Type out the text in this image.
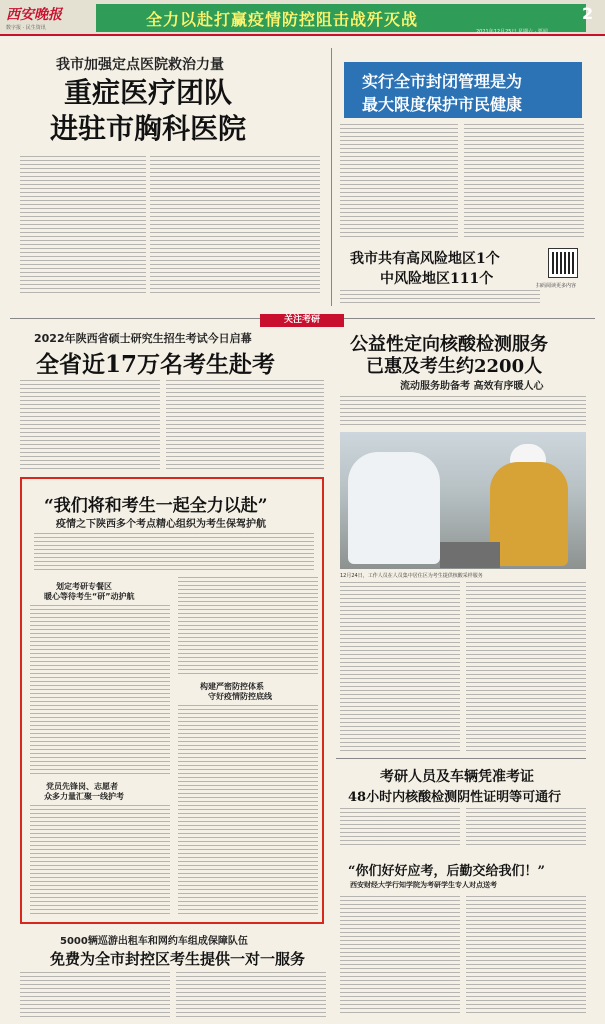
西安晚报
数字报 · 民生资讯	全力以赴打赢疫情防控阻击战歼灭战
2021年12月25日 星期六 · 要闻
2
我市加强定点医院救治力量
重症医疗团队
进驻市胸科医院
实行全市封闭管理是为
最大限度保护市民健康
我市共有高风险地区1个
中风险地区111个	扫码阅读更多内容
关注考研
2022年陕西省硕士研究生招生考试今日启幕
全省近17万名考生赴考
公益性定向核酸检测服务
已惠及考生约2200人
流动服务助备考 高效有序暖人心
12月24日，工作人员在人员集中居住区为考生提供核酸采样服务
“我们将和考生一起全力以赴”
疫情之下陕西多个考点精心组织为考生保驾护航
划定考研专餐区
暖心等待考生“研”动护航
构建严密防控体系
守好疫情防控底线
党员先锋岗、志愿者
众多力量汇聚一线护考
考研人员及车辆凭准考证
48小时内核酸检测阴性证明等可通行
“你们好好应考，后勤交给我们！”
西安财经大学行知学院为考研学生专人对点送考
5000辆巡游出租车和网约车组成保障队伍
免费为全市封控区考生提供一对一服务
